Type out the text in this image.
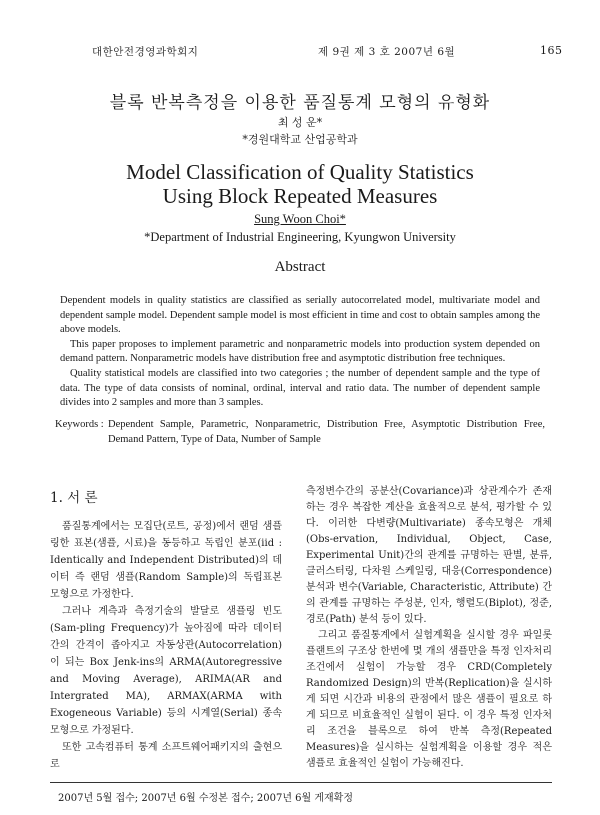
대한안전경영과학회지	제 9권 제 3 호 2007년 6월	165
블록 반복측정을 이용한 품질통계 모형의 유형화
최 성 운*
*경원대학교 산업공학과
Model Classification of Quality Statistics
Using Block Repeated Measures
Sung Woon Choi*
*Department of Industrial Engineering, Kyungwon University
Abstract

Dependent models in quality statistics are classified as serially autocorrelated model, multivariate model and dependent sample model. Dependent sample model is most efficient in time and cost to obtain samples among the above models.

This paper proposes to implement parametric and nonparametric models into production system depended on demand pattern. Nonparametric models have distribution free and asymptotic distribution free techniques.

Quality statistical models are classified into two categories ; the number of dependent sample and the type of data. The type of data consists of nominal, ordinal, interval and ratio data. The number of dependent sample divides into 2 samples and more than 3 samples.

Keywords : Dependent Sample, Parametric, Nonparametric, Distribution Free, Asymptotic Distribution Free, Demand Pattern, Type of Data, Number of Sample
1. 서 론

품질통계에서는 모집단(로트, 공정)에서 랜덤 샘플링한 표본(샘플, 시료)을 동등하고 독립인 분포(iid : Identically and Independent Distributed)의 데이터 즉 랜덤 샘플(Random Sample)의 독립표본 모형으로 가정한다.

그러나 계측과 측정기술의 발달로 샘플링 빈도(Sam-pling Frequency)가 높아짐에 따라 데이터간의 간격이 좁아지고 자동상관(Autocorrelation)이 되는 Box Jenk-ins의 ARMA(Autoregressive and Moving Average), ARIMA(AR and Intergrated MA), ARMAX(ARMA with Exogeneous Variable) 등의 시계열(Serial) 종속 모형으로 가정된다.

또한 고속컴퓨터 통계 소프트웨어패키지의 출현으로

측정변수간의 공분산(Covariance)과 상관계수가 존재하는 경우 복잡한 계산을 효율적으로 분석, 평가할 수 있다. 이러한 다변량(Multivariate) 종속모형은 개체(Obs-ervation, Individual, Object, Case, Experimental Unit)간의 관계를 규명하는 판별, 분류, 클러스터링, 다차원 스케일링, 대응(Correspondence) 분석과 변수(Variable, Characteristic, Attribute) 간의 관계를 규명하는 주성분, 인자, 행렬도(Biplot), 정준, 경로(Path) 분석 등이 있다.

그리고 품질통계에서 실험계획을 실시할 경우 파일롯 플랜트의 구조상 한번에 몇 개의 샘플만을 특정 인자처리조건에서 실험이 가능할 경우 CRD(Completely Randomized Design)의 반복(Replication)을 실시하게 되면 시간과 비용의 관점에서 많은 샘플이 필요로 하게 되므로 비효율적인 실험이 된다. 이 경우 특정 인자처리 조건을 블록으로 하여 반복 측정(Repeated Measures)을 실시하는 실험계획을 이용할 경우 적은 샘플로 효율적인 실험이 가능해진다.

2007년 5월 접수; 2007년 6월 수정본 접수; 2007년 6월 게재확정
